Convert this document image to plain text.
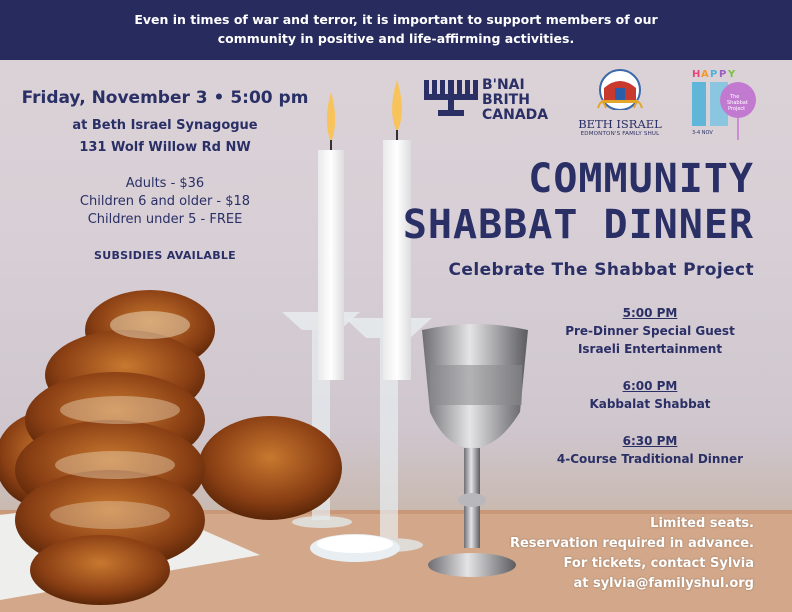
Even in times of war and terror, it is important to support members of our
community in positive and life-affirming activities.
Friday, November 3 • 5:00 pm
at Beth Israel Synagogue
131 Wolf Willow Rd NW
Adults - $36
Children 6 and older - $18
Children under 5 - FREE
SUBSIDIES AVAILABLE
B'NAI
BRITH
CANADA
BETH ISRAEL
EDMONTON'S FAMILY SHUL
H A P P Y
The
Shabbat
Project
3-4 NOV
COMMUNITY
SHABBAT DINNER
Celebrate The Shabbat Project
5:00 PM
Pre-Dinner Special Guest
Israeli Entertainment
6:00 PM
Kabbalat Shabbat
6:30 PM
4-Course Traditional Dinner
Limited seats.
Reservation required in advance.
For tickets, contact Sylvia
at sylvia@familyshul.org
